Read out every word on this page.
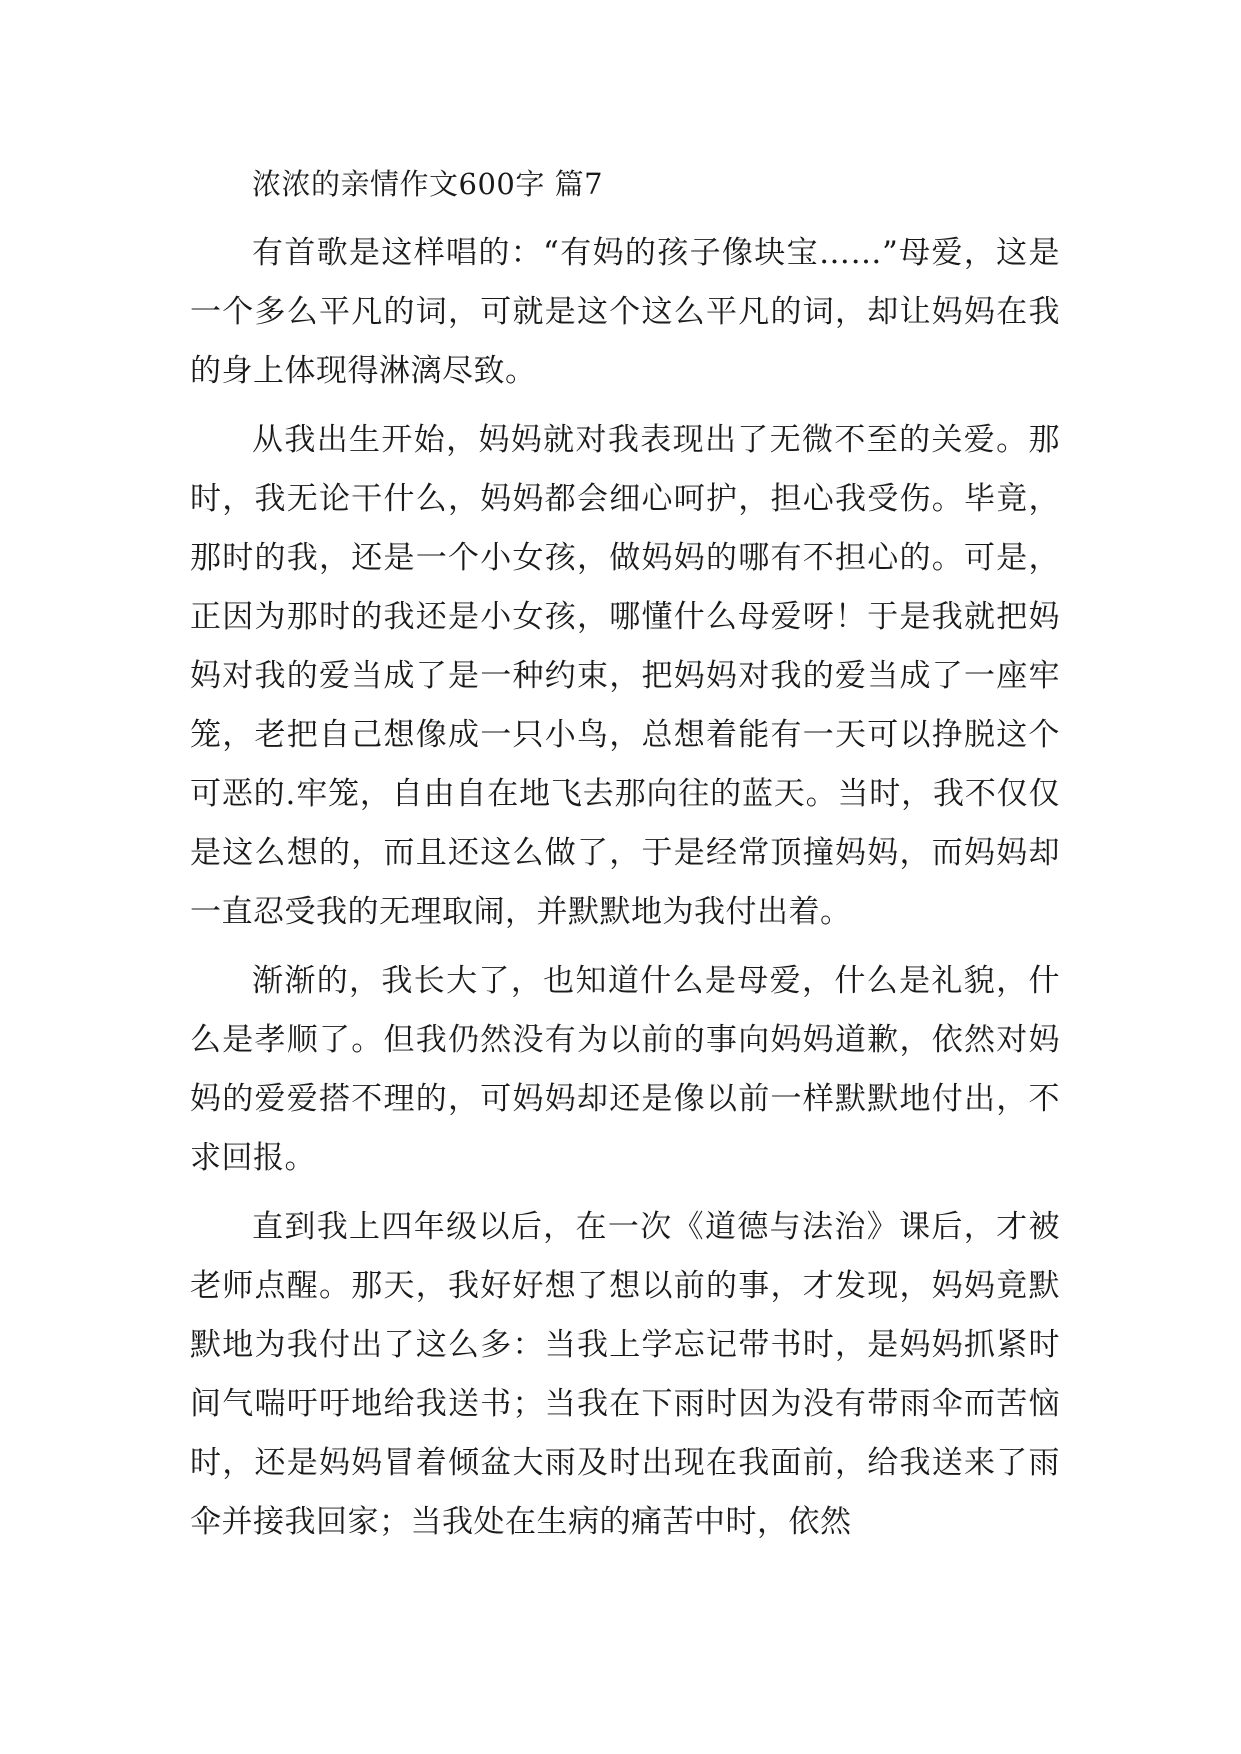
浓浓的亲情作文600字 篇7

有首歌是这样唱的：“有妈的孩子像块宝……”母爱，这是一个多么平凡的词，可就是这个这么平凡的词，却让妈妈在我的身上体现得淋漓尽致。

从我出生开始，妈妈就对我表现出了无微不至的关爱。那时，我无论干什么，妈妈都会细心呵护，担心我受伤。毕竟，那时的我，还是一个小女孩，做妈妈的哪有不担心的。可是，正因为那时的我还是小女孩，哪懂什么母爱呀！于是我就把妈妈对我的爱当成了是一种约束，把妈妈对我的爱当成了一座牢笼，老把自己想像成一只小鸟，总想着能有一天可以挣脱这个可恶的.牢笼，自由自在地飞去那向往的蓝天。当时，我不仅仅是这么想的，而且还这么做了，于是经常顶撞妈妈，而妈妈却一直忍受我的无理取闹，并默默地为我付出着。

渐渐的，我长大了，也知道什么是母爱，什么是礼貌，什么是孝顺了。但我仍然没有为以前的事向妈妈道歉，依然对妈妈的爱爱搭不理的，可妈妈却还是像以前一样默默地付出，不求回报。

直到我上四年级以后，在一次《道德与法治》课后，才被老师点醒。那天，我好好想了想以前的事，才发现，妈妈竟默默地为我付出了这么多：当我上学忘记带书时，是妈妈抓紧时间气喘吁吁地给我送书；当我在下雨时因为没有带雨伞而苦恼时，还是妈妈冒着倾盆大雨及时出现在我面前，给我送来了雨伞并接我回家；当我处在生病的痛苦中时，依然
